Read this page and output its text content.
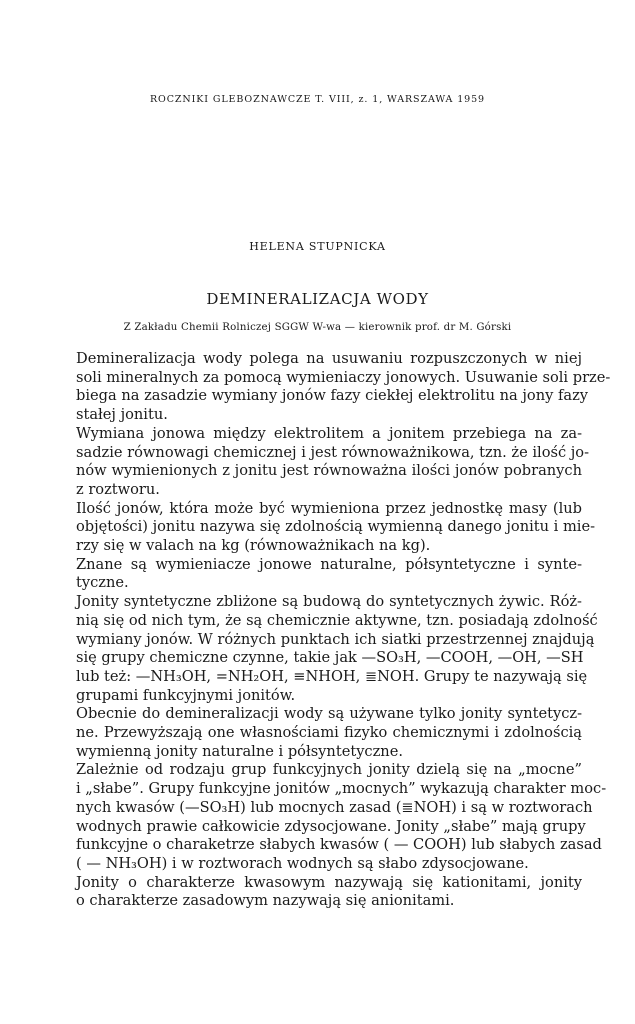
ROCZNIKI GLEBOZNAWCZE T. VIII, z. 1, WARSZAWA 1959
HELENA STUPNICKA
DEMINERALIZACJA WODY
Z Zakładu Chemii Rolniczej SGGW W-wa — kierownik prof. dr M. Górski
Demineralizacja wody polega na usuwaniu rozpuszczonych w niej
soli mineralnych za pomocą wymieniaczy jonowych. Usuwanie soli prze-
biega na zasadzie wymiany jonów fazy ciekłej elektrolitu na jony fazy
stałej jonitu.
Wymiana jonowa między elektrolitem a jonitem przebiega na za-
sadzie równowagi chemicznej i jest równoważnikowa, tzn. że ilość jo-
nów wymienionych z jonitu jest równoważna ilości jonów pobranych
z roztworu.
Ilość jonów, która może być wymieniona przez jednostkę masy (lub
objętości) jonitu nazywa się zdolnością wymienną danego jonitu i mie-
rzy się w valach na kg (równoważnikach na kg).
Znane są wymieniacze jonowe naturalne, półsyntetyczne i synte-
tyczne.
Jonity syntetyczne zbliżone są budową do syntetycznych żywic. Róż-
nią się od nich tym, że są chemicznie aktywne, tzn. posiadają zdolność
wymiany jonów. W różnych punktach ich siatki przestrzennej znajdują
się grupy chemiczne czynne, takie jak —SO₃H, —COOH, —OH, —SH
lub też: —NH₃OH, =NH₂OH, ≡NHOH, ≣NOH. Grupy te nazywają się
grupami funkcyjnymi jonitów.
Obecnie do demineralizacji wody są używane tylko jonity syntetycz-
ne. Przewyższają one własnościami fizyko chemicznymi i zdolnością
wymienną jonity naturalne i półsyntetyczne.
Zależnie od rodzaju grup funkcyjnych jonity dzielą się na „mocne”
i „słabe”. Grupy funkcyjne jonitów „mocnych” wykazują charakter moc-
nych kwasów (—SO₃H) lub mocnych zasad (≣NOH) i są w roztworach
wodnych prawie całkowicie zdysocjowane. Jonity „słabe” mają grupy
funkcyjne o charaketrze słabych kwasów ( — COOH) lub słabych zasad
( — NH₃OH) i w roztworach wodnych są słabo zdysocjowane.
Jonity o charakterze kwasowym nazywają się kationitami, jonity
o charakterze zasadowym nazywają się anionitami.
